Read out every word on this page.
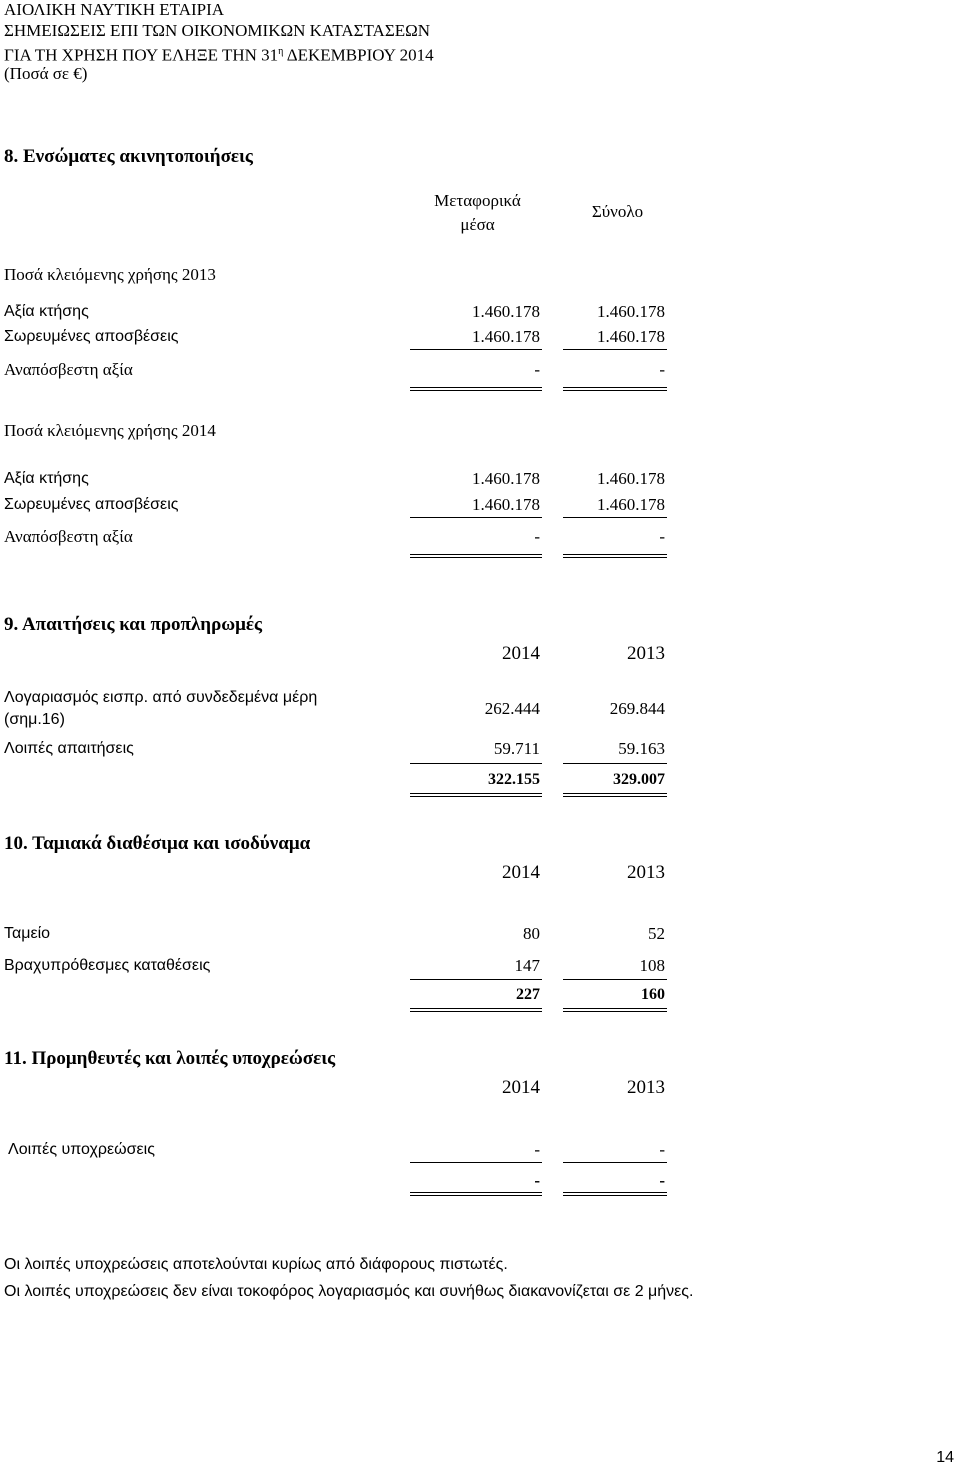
ΑΙΟΛΙΚΗ ΝΑΥΤΙΚΗ ΕΤΑΙΡΙΑ
ΣΗΜΕΙΩΣΕΙΣ ΕΠΙ ΤΩΝ ΟΙΚΟΝΟΜΙΚΩΝ ΚΑΤΑΣΤΑΣΕΩΝ
ΓΙΑ ΤΗ ΧΡΗΣΗ ΠΟΥ ΕΛΗΞΕ ΤΗΝ $31^\eta$ ΔΕΚΕΜΒΡΙΟΥ 2014
(Ποσά σε €)
8. Ενσώματες ακινητοποιήσεις
Μεταφορικά
μέσα
Σύνολο
Ποσά κλειόμενης χρήσης 2013
Αξία κτήσης	1.460.178	1.460.178
Σωρευμένες αποσβέσεις	1.460.178	1.460.178
Αναπόσβεστη αξία	-	-
Ποσά κλειόμενης χρήσης 2014
Αξία κτήσης	1.460.178	1.460.178
Σωρευμένες αποσβέσεις	1.460.178	1.460.178
Αναπόσβεστη αξία	-	-
9. Απαιτήσεις και προπληρωμές
2014	2013
Λογαριασμός εισπρ. από συνδεδεμένα μέρη
(σημ.16)
262.444	269.844
Λοιπές απαιτήσεις	59.711	59.163
322.155	329.007
10. Ταμιακά διαθέσιμα και ισοδύναμα
2014	2013
Ταμείο	80	52
Βραχυπρόθεσμες καταθέσεις	147	108
227	160
11. Προμηθευτές και λοιπές υποχρεώσεις
2014	2013
Λοιπές υποχρεώσεις	-	-
-	-
Οι λοιπές υποχρεώσεις αποτελούνται κυρίως από διάφορους πιστωτές.
Οι λοιπές υποχρεώσεις δεν είναι τοκοφόρος λογαριασμός και συνήθως διακανονίζεται σε 2 μήνες.
14
